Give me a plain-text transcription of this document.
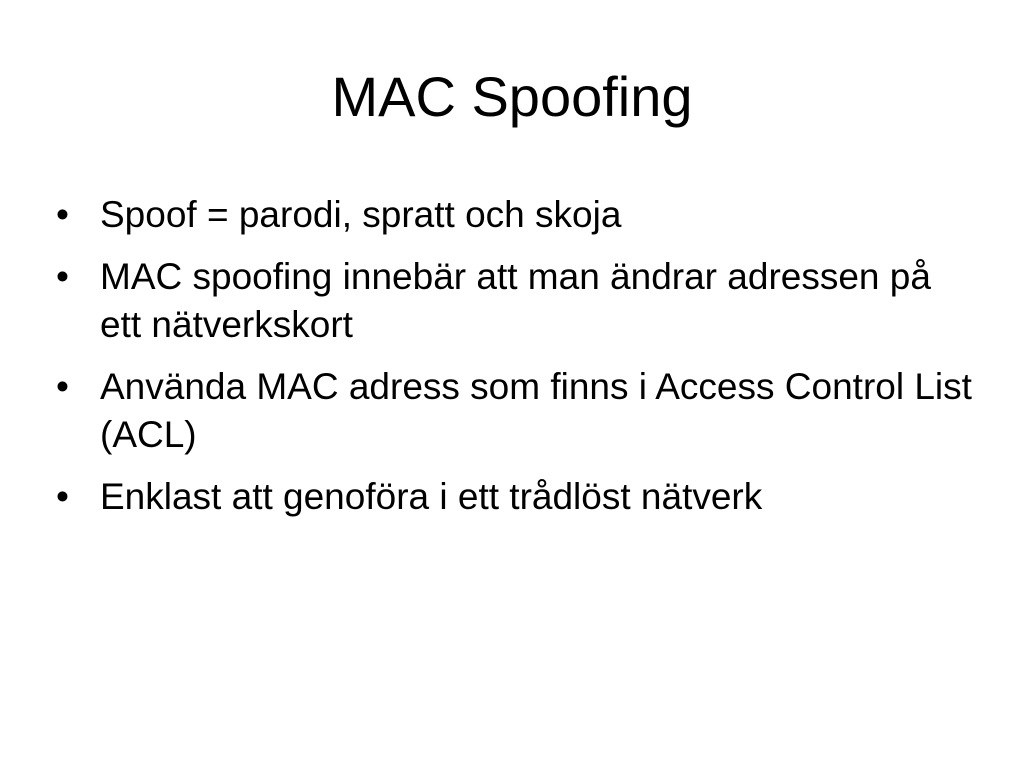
MAC Spoofing
• Spoof = parodi, spratt och skoja
• MAC spoofing innebär att man ändrar adressen på ett nätverkskort
• Använda MAC adress som finns i Access Control List (ACL)
• Enklast att genoföra i ett trådlöst nätverk
